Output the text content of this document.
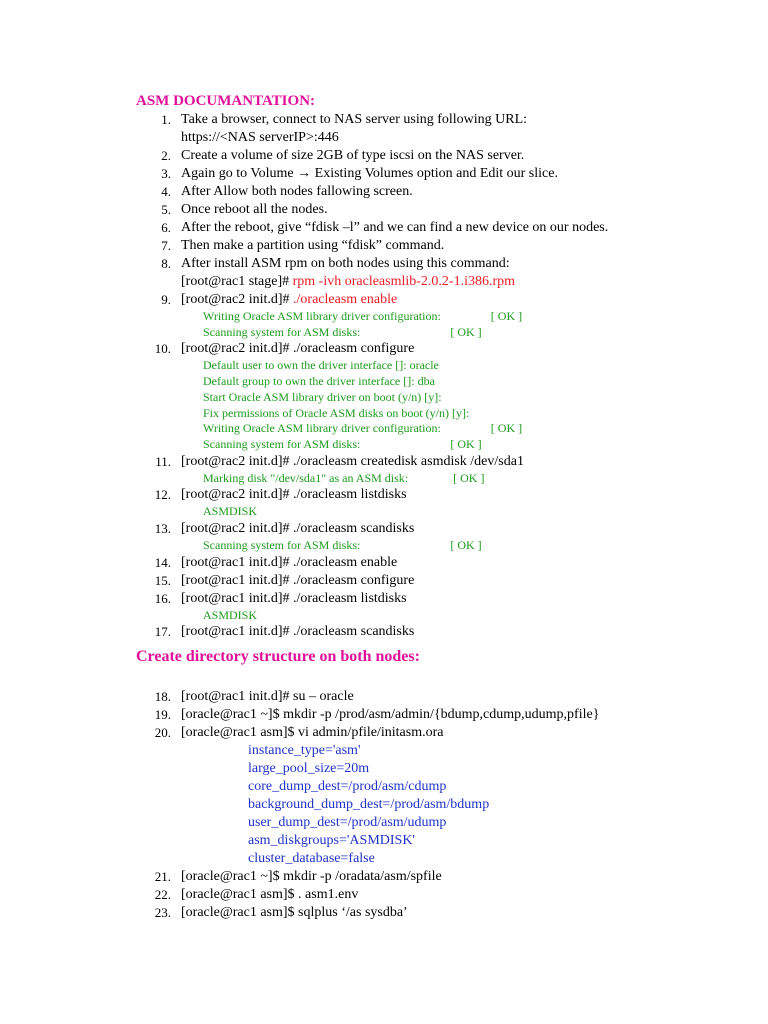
ASM DOCUMANTATION:
1. Take a browser, connect to NAS server using following URL:
https://<NAS serverIP>:446
2. Create a volume of size 2GB of type iscsi on the NAS server.
3. Again go to Volume → Existing Volumes option and Edit our slice.
4. After Allow both nodes fallowing screen.
5. Once reboot all the nodes.
6. After the reboot, give “fdisk –l” and we can find a new device on our nodes.
7. Then make a partition using “fdisk” command.
8. After install ASM rpm on both nodes using this command:
[root@rac1 stage]# rpm -ivh oracleasmlib-2.0.2-1.i386.rpm
9. [root@rac2 init.d]# ./oracleasm enable
Writing Oracle ASM library driver configuration:	[ OK ]
Scanning system for ASM disks:	[ OK ]
10. [root@rac2 init.d]# ./oracleasm configure
Default user to own the driver interface []: oracle
Default group to own the driver interface []: dba
Start Oracle ASM library driver on boot (y/n) [y]:
Fix permissions of Oracle ASM disks on boot (y/n) [y]:
Writing Oracle ASM library driver configuration:	[ OK ]
Scanning system for ASM disks:	[ OK ]
11. [root@rac2 init.d]# ./oracleasm createdisk asmdisk /dev/sda1
Marking disk "/dev/sda1" as an ASM disk:	[ OK ]
12. [root@rac2 init.d]# ./oracleasm listdisks
ASMDISK
13. [root@rac2 init.d]# ./oracleasm scandisks
Scanning system for ASM disks:	[ OK ]
14. [root@rac1 init.d]# ./oracleasm enable
15. [root@rac1 init.d]# ./oracleasm configure
16. [root@rac1 init.d]# ./oracleasm listdisks
ASMDISK
17. [root@rac1 init.d]# ./oracleasm scandisks
Create directory structure on both nodes:
18. [root@rac1 init.d]# su – oracle
19. [oracle@rac1 ~]$ mkdir -p /prod/asm/admin/{bdump,cdump,udump,pfile}
20. [oracle@rac1 asm]$ vi admin/pfile/initasm.ora
instance_type='asm'
large_pool_size=20m
core_dump_dest=/prod/asm/cdump
background_dump_dest=/prod/asm/bdump
user_dump_dest=/prod/asm/udump
asm_diskgroups='ASMDISK'
cluster_database=false
21. [oracle@rac1 ~]$ mkdir -p /oradata/asm/spfile
22. [oracle@rac1 asm]$ . asm1.env
23. [oracle@rac1 asm]$ sqlplus ‘/as sysdba’
